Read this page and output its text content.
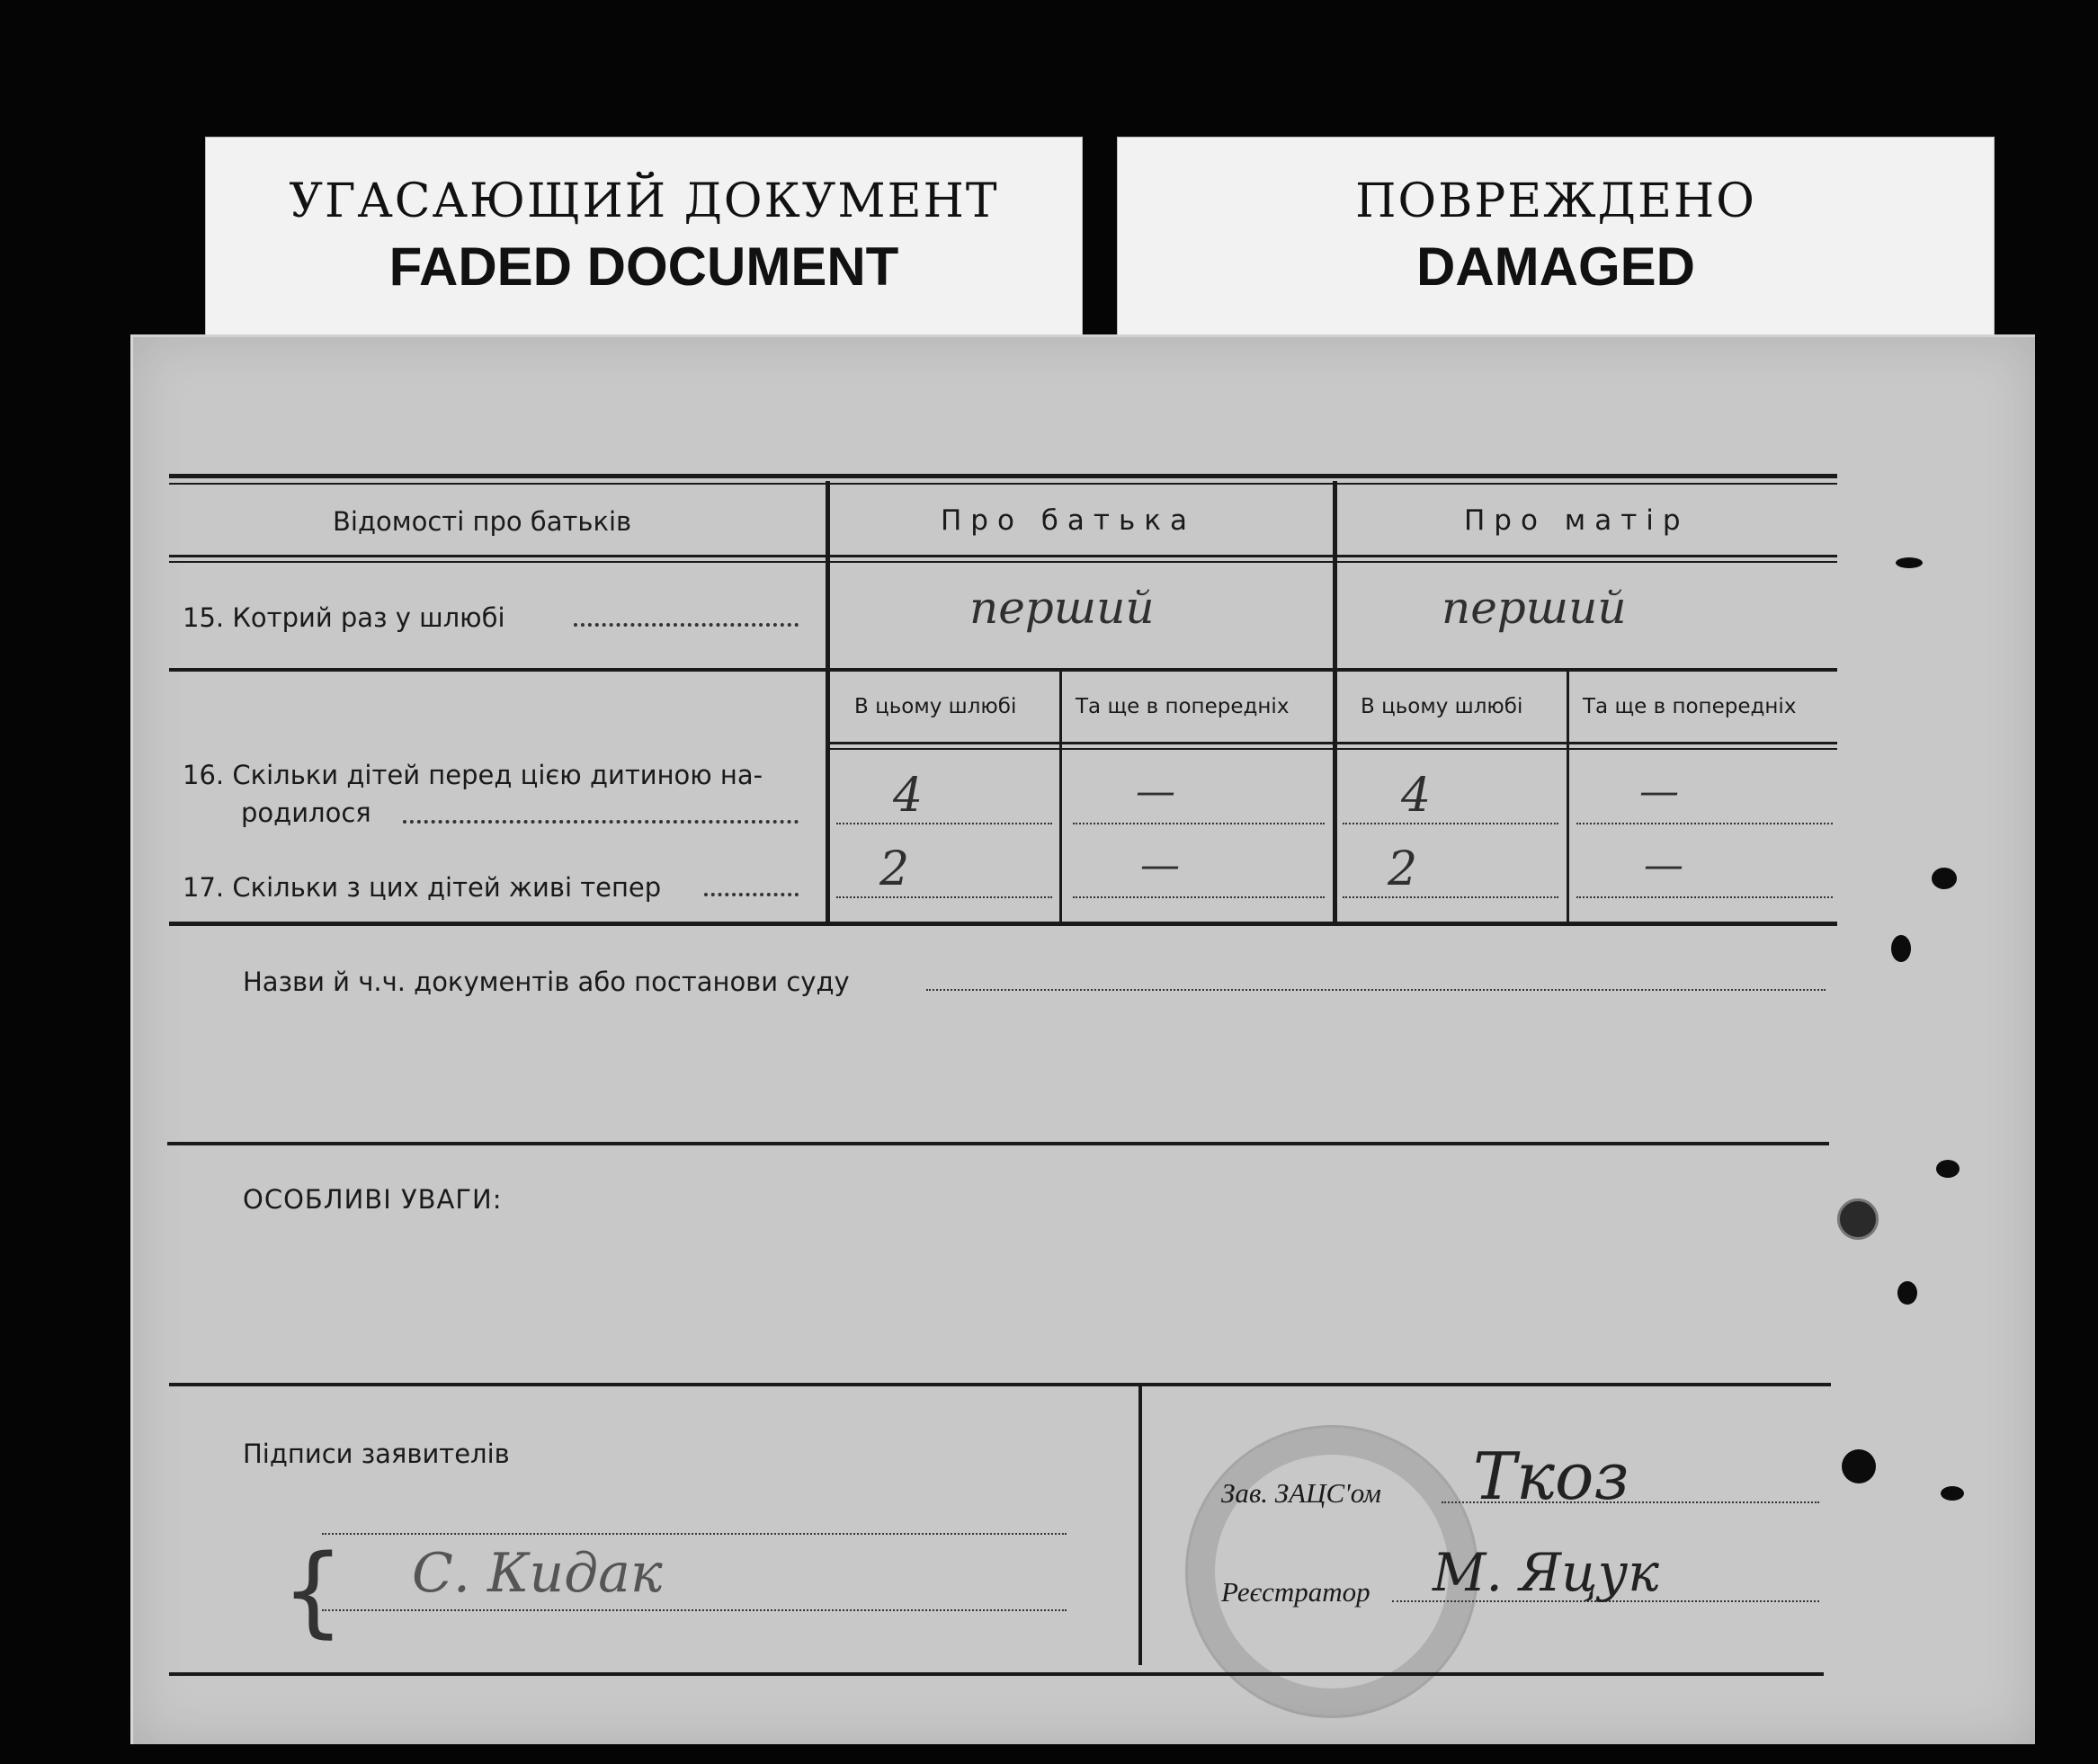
УГАСАЮЩИЙ ДОКУМЕНТ
FADED DOCUMENT
ПОВРЕЖДЕНО
DAMAGED
Відомості про батьків	Про батька	Про матір
15. Котрий раз у шлюбі	перший	перший
В цьому шлюбі	Та ще в попередніх	В цьому шлюбі	Та ще в попередніх
16. Скільки дітей перед цією дитиною на-
родилося	4	—	4	—
17. Скільки з цих дітей живі тепер	2	—	2	—
Назви й ч.ч. документів або постанови суду
ОСОБЛИВІ УВАГИ:
Підписи заявителів
{ С. Кидак
Зав. ЗАЦС'ом Ткоз
Реєстратор М. Яцук
